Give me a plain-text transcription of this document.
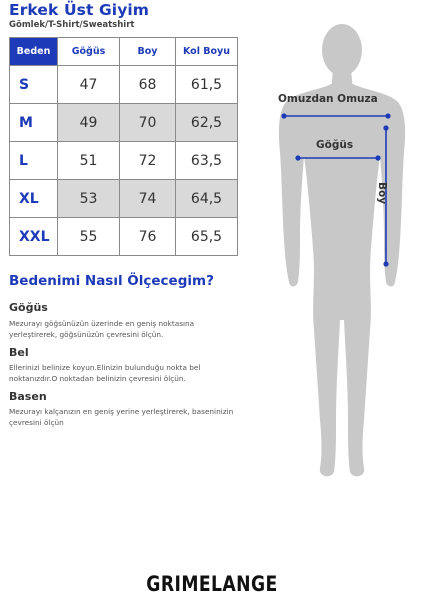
Erkek Üst Giyim
Gömlek/T-Shirt/Sweatshirt
Beden	Göğüs	Boy	Kol Boyu
S	47	68	61,5
M	49	70	62,5
L	51	72	63,5
XL	53	74	64,5
XXL	55	76	65,5
Bedenimi Nasıl Ölçecegim?
Göğüs
Mezurayı göğsünüzün üzerinde en geniş noktasına yerleştirerek, göğsünüzün çevresini ölçün.
Bel
Ellerinizi belinize koyun.Elinizin bulunduğu nokta bel noktanızdır.O noktadan belinizin çevresini ölçün.
Basen
Mezurayı kalçanızın en geniş yerine yerleştirerek, baseninizin çevresini ölçün
Omuzdan Omuza
Göğüs
Boy
GRIMELANGE
